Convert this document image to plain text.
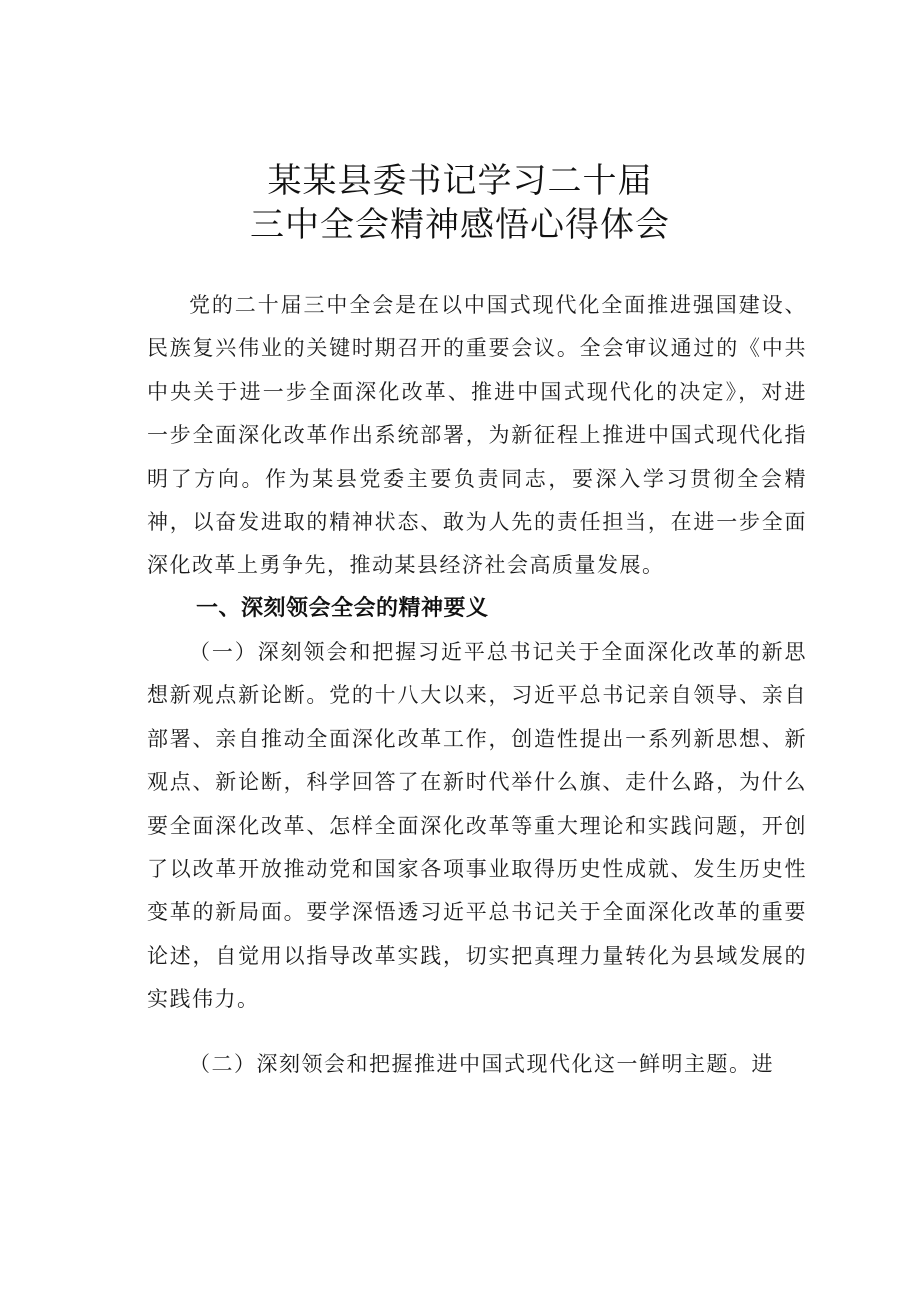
某某县委书记学习二十届
三中全会精神感悟心得体会

党的二十届三中全会是在以中国式现代化全面推进强国建设、民族复兴伟业的关键时期召开的重要会议。全会审议通过的《中共中央关于进一步全面深化改革、推进中国式现代化的决定》，对进一步全面深化改革作出系统部署，为新征程上推进中国式现代化指明了方向。作为某县党委主要负责同志，要深入学习贯彻全会精神，以奋发进取的精神状态、敢为人先的责任担当，在进一步全面深化改革上勇争先，推动某县经济社会高质量发展。

一、深刻领会全会的精神要义

（一）深刻领会和把握习近平总书记关于全面深化改革的新思想新观点新论断。党的十八大以来，习近平总书记亲自领导、亲自部署、亲自推动全面深化改革工作，创造性提出一系列新思想、新观点、新论断，科学回答了在新时代举什么旗、走什么路，为什么要全面深化改革、怎样全面深化改革等重大理论和实践问题，开创了以改革开放推动党和国家各项事业取得历史性成就、发生历史性变革的新局面。要学深悟透习近平总书记关于全面深化改革的重要论述，自觉用以指导改革实践，切实把真理力量转化为县域发展的实践伟力。

（二）深刻领会和把握推进中国式现代化这一鲜明主题。进
